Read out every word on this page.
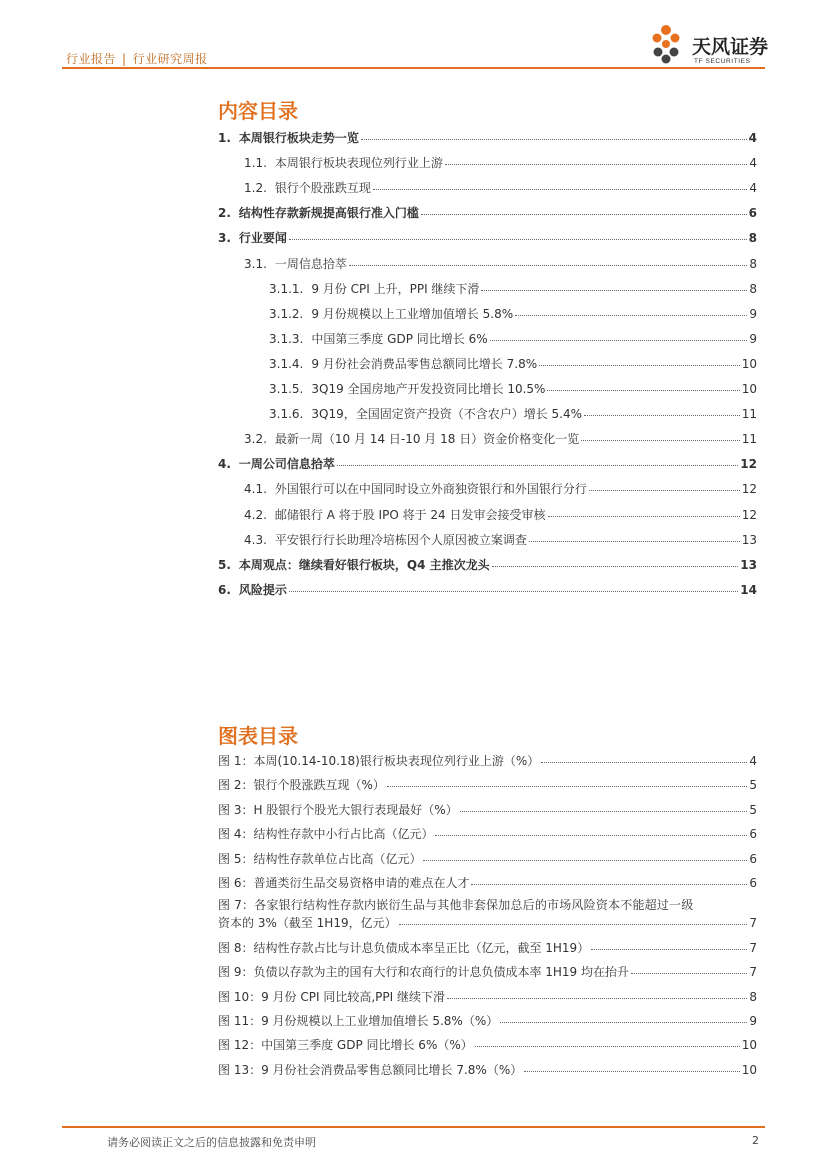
行业报告 | 行业研究周报
天风证券
TF SECURITIES
内容目录
1. 本周银行板块走势一览	4
1.1. 本周银行板块表现位列行业上游	4
1.2. 银行个股涨跌互现	4
2. 结构性存款新规提高银行准入门槛	6
3. 行业要闻	8
3.1. 一周信息拾萃	8
3.1.1. 9 月份 CPI 上升，PPI 继续下滑	8
3.1.2. 9 月份规模以上工业增加值增长 5.8%	9
3.1.3. 中国第三季度 GDP 同比增长 6%	9
3.1.4. 9 月份社会消费品零售总额同比增长 7.8%	10
3.1.5. 3Q19 全国房地产开发投资同比增长 10.5%	10
3.1.6. 3Q19，全国固定资产投资（不含农户）增长 5.4%	11
3.2. 最新一周（10 月 14 日-10 月 18 日）资金价格变化一览	11
4. 一周公司信息拾萃	12
4.1. 外国银行可以在中国同时设立外商独资银行和外国银行分行	12
4.2. 邮储银行 A 将于股 IPO 将于 24 日发审会接受审核	12
4.3. 平安银行行长助理冷培栋因个人原因被立案调查	13
5. 本周观点：继续看好银行板块，Q4 主推次龙头	13
6. 风险提示	14
图表目录
图 1：本周(10.14-10.18)银行板块表现位列行业上游（%）	4
图 2：银行个股涨跌互现（%）	5
图 3：H 股银行个股光大银行表现最好（%）	5
图 4：结构性存款中小行占比高（亿元）	6
图 5：结构性存款单位占比高（亿元）	6
图 6：普通类衍生品交易资格申请的难点在人才	6
图 7：各家银行结构性存款内嵌衍生品与其他非套保加总后的市场风险资本不能超过一级
资本的 3%（截至 1H19，亿元）	7
图 8：结构性存款占比与计息负债成本率呈正比（亿元，截至 1H19）	7
图 9：负债以存款为主的国有大行和农商行的计息负债成本率 1H19 均在抬升	7
图 10：9 月份 CPI 同比较高,PPI 继续下滑	8
图 11：9 月份规模以上工业增加值增长 5.8%（%）	9
图 12：中国第三季度 GDP 同比增长 6%（%）	10
图 13：9 月份社会消费品零售总额同比增长 7.8%（%）	10
请务必阅读正文之后的信息披露和免责申明	2
